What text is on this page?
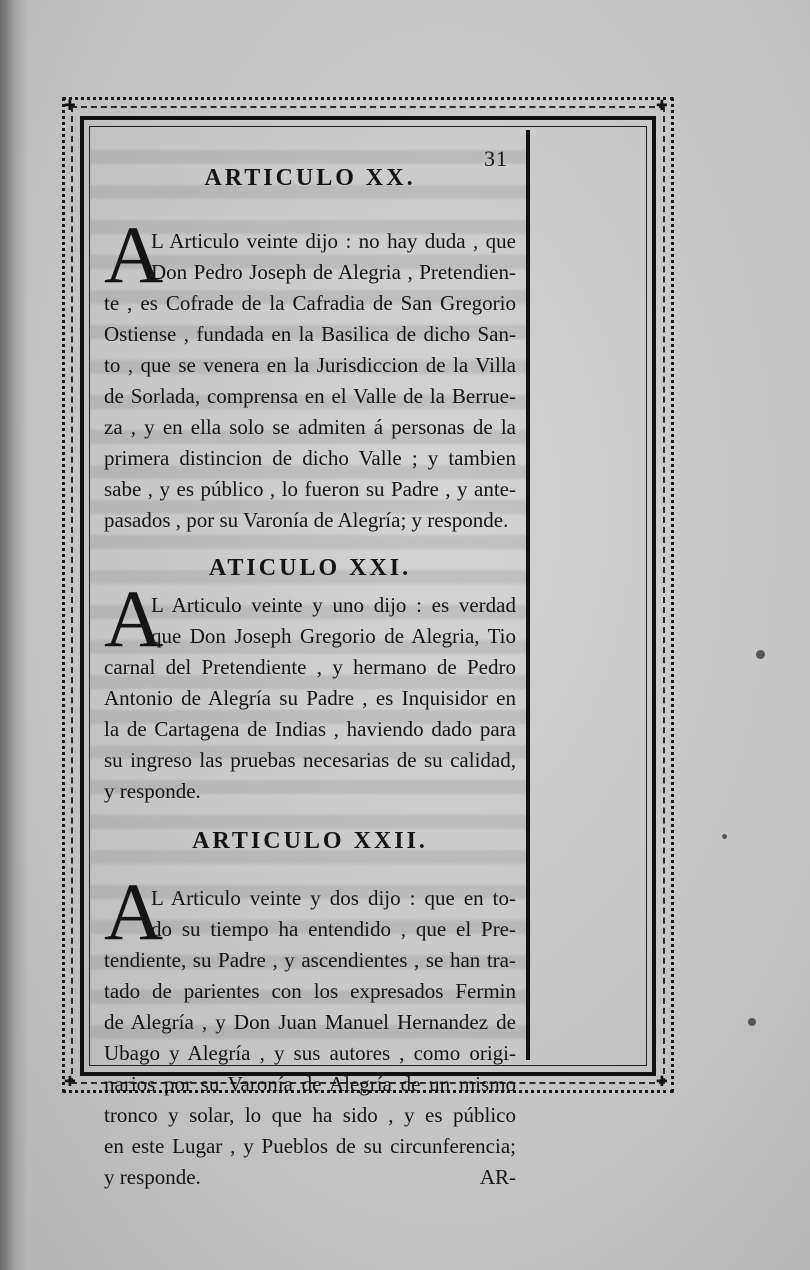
✚	✚
✚	✚
31
ARTICULO XX.
A
L Articulo veinte dijo : no hay duda , que
Don Pedro Joseph de Alegria , Pretendien-
te , es Cofrade de la Cafradia de San Gregorio
Ostiense , fundada en la Basilica de dicho San-
to , que se venera en la Jurisdiccion de la Villa
de Sorlada, comprensa en el Valle de la Berrue-
za , y en ella solo se admiten á personas de la
primera distincion de dicho Valle ; y tambien
sabe , y es público , lo fueron su Padre , y ante-
pasados , por su Varonía de Alegría; y responde.
ATICULO XXI.
A
L Articulo veinte y uno dijo : es verdad
que Don Joseph Gregorio de Alegria, Tio
carnal del Pretendiente , y hermano de Pedro
Antonio de Alegría su Padre , es Inquisidor en
la de Cartagena de Indias , haviendo dado para
su ingreso las pruebas necesarias de su calidad,
y responde.
ARTICULO XXII.
A
L Articulo veinte y dos dijo : que en to-
do su tiempo ha entendido , que el Pre-
tendiente, su Padre , y ascendientes , se han tra-
tado de parientes con los expresados Fermin
de Alegría , y Don Juan Manuel Hernandez de
Ubago y Alegría , y sus autores , como origi-
narios por su Varonía de Alegría de un mismo
tronco y solar, lo que ha sido , y es público
en este Lugar , y Pueblos de su circunferencia;
y responde.	AR-
